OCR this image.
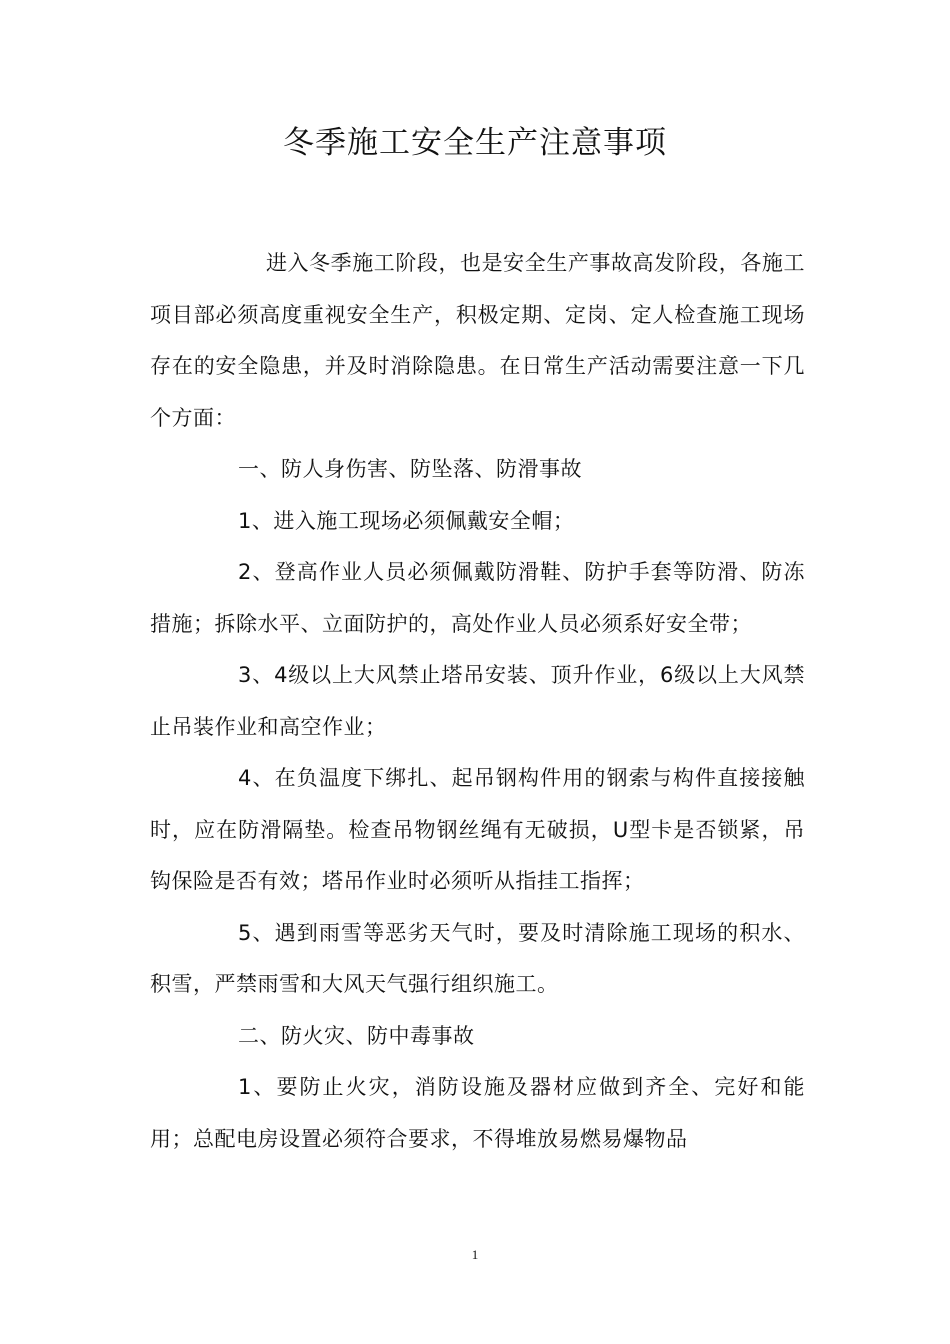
冬季施工安全生产注意事项

进入冬季施工阶段，也是安全生产事故高发阶段，各施工项目部必须高度重视安全生产，积极定期、定岗、定人检查施工现场存在的安全隐患，并及时消除隐患。在日常生产活动需要注意一下几个方面：

一、防人身伤害、防坠落、防滑事故

1、进入施工现场必须佩戴安全帽；

2、登高作业人员必须佩戴防滑鞋、防护手套等防滑、防冻措施；拆除水平、立面防护的，高处作业人员必须系好安全带；

3、4级以上大风禁止塔吊安装、顶升作业，6级以上大风禁止吊装作业和高空作业；

4、在负温度下绑扎、起吊钢构件用的钢索与构件直接接触时，应在防滑隔垫。检查吊物钢丝绳有无破损，U型卡是否锁紧，吊钩保险是否有效；塔吊作业时必须听从指挂工指挥；

5、遇到雨雪等恶劣天气时，要及时清除施工现场的积水、积雪，严禁雨雪和大风天气强行组织施工。

二、防火灾、防中毒事故

1、要防止火灾，消防设施及器材应做到齐全、完好和能用；总配电房设置必须符合要求，不得堆放易燃易爆物品

1
